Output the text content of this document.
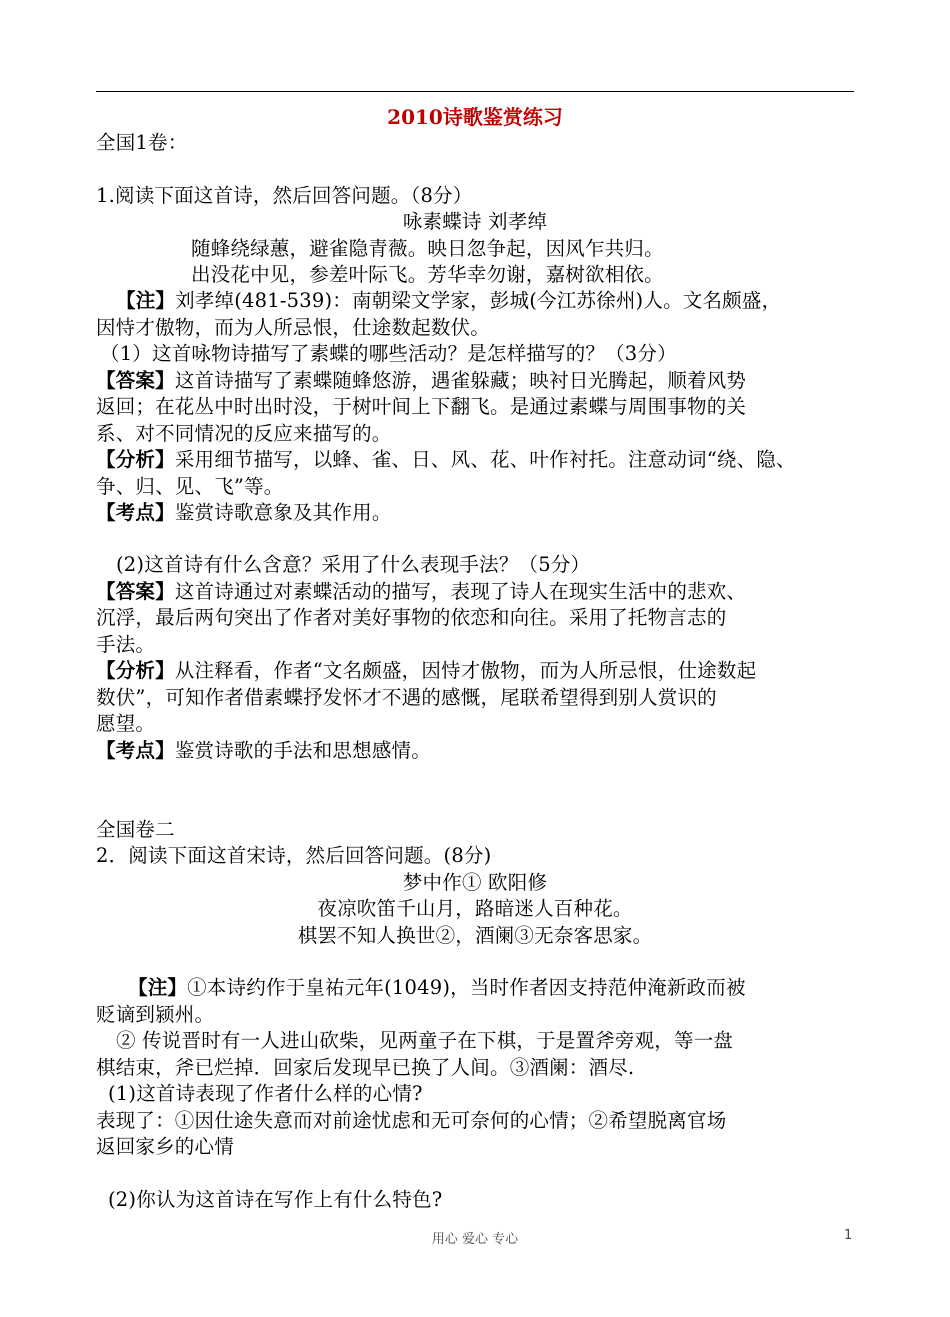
2010诗歌鉴赏练习
全国1卷：
1.阅读下面这首诗，然后回答问题。（8分）
咏素蝶诗 刘孝绰
随蜂绕绿蕙，避雀隐青薇。映日忽争起，因风乍共归。
出没花中见，参差叶际飞。芳华幸勿谢，嘉树欲相依。
【注】刘孝绰(481-539)：南朝梁文学家，彭城(今江苏徐州)人。文名颇盛，
因恃才傲物，而为人所忌恨，仕途数起数伏。
（1）这首咏物诗描写了素蝶的哪些活动？是怎样描写的？（3分）
【答案】这首诗描写了素蝶随蜂悠游，遇雀躲藏；映衬日光腾起，顺着风势
返回；在花丛中时出时没，于树叶间上下翻飞。是通过素蝶与周围事物的关
系、对不同情况的反应来描写的。
【分析】采用细节描写，以蜂、雀、日、风、花、叶作衬托。注意动词“绕、隐、
争、归、见、飞”等。
【考点】鉴赏诗歌意象及其作用。
(2)这首诗有什么含意？采用了什么表现手法？（5分）
【答案】这首诗通过对素蝶活动的描写，表现了诗人在现实生活中的悲欢、
沉浮，最后两句突出了作者对美好事物的依恋和向往。采用了托物言志的
手法。
【分析】从注释看，作者“文名颇盛，因恃才傲物，而为人所忌恨，仕途数起
数伏”，可知作者借素蝶抒发怀才不遇的感慨，尾联希望得到别人赏识的
愿望。
【考点】鉴赏诗歌的手法和思想感情。
全国卷二
2．阅读下面这首宋诗，然后回答问题。(8分)
梦中作① 欧阳修
夜凉吹笛千山月，路暗迷人百种花。
棋罢不知人换世②，酒阑③无奈客思家。
【注】①本诗约作于皇祐元年(1049)，当时作者因支持范仲淹新政而被
贬谪到颍州。
② 传说晋时有一人进山砍柴，见两童子在下棋，于是置斧旁观，等一盘
棋结束，斧已烂掉．回家后发现早已换了人间。③酒阑：酒尽.
(1)这首诗表现了作者什么样的心情?
表现了：①因仕途失意而对前途忧虑和无可奈何的心情；②希望脱离官场
返回家乡的心情
(2)你认为这首诗在写作上有什么特色?
用心 爱心 专心	1
